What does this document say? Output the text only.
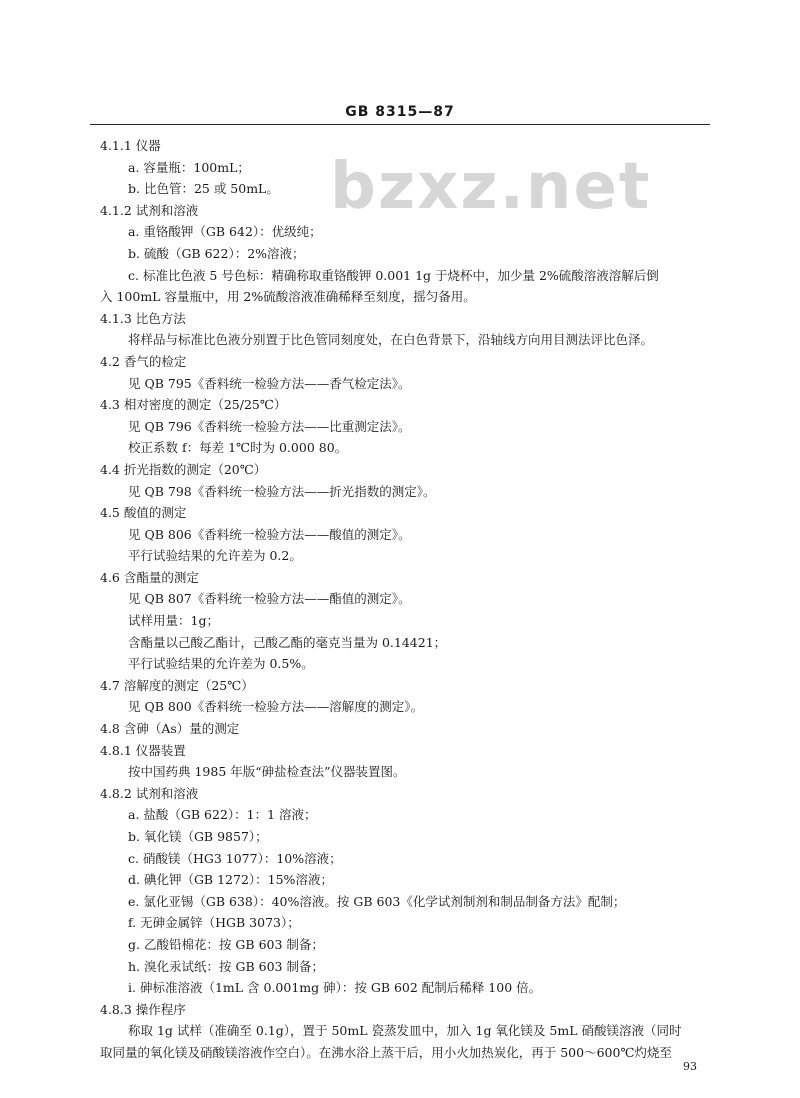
GB 8315—87
bzxz.net
4.1.1 仪器
a. 容量瓶：100mL；
b. 比色管：25 或 50mL。
4.1.2 试剂和溶液
a. 重铬酸钾（GB 642）：优级纯；
b. 硫酸（GB 622）：2%溶液；
c. 标准比色液 5 号色标：精确称取重铬酸钾 0.001 1g 于烧杯中，加少量 2%硫酸溶液溶解后倒
入 100mL 容量瓶中，用 2%硫酸溶液准确稀释至刻度，摇匀备用。
4.1.3 比色方法
将样品与标准比色液分别置于比色管同刻度处，在白色背景下，沿轴线方向用目测法评比色泽。
4.2 香气的检定
见 QB 795《香料统一检验方法——香气检定法》。
4.3 相对密度的测定（25/25℃）
见 QB 796《香料统一检验方法——比重测定法》。
校正系数 f：每差 1℃时为 0.000 80。
4.4 折光指数的测定（20℃）
见 QB 798《香料统一检验方法——折光指数的测定》。
4.5 酸值的测定
见 QB 806《香料统一检验方法——酸值的测定》。
平行试验结果的允许差为 0.2。
4.6 含酯量的测定
见 QB 807《香料统一检验方法——酯值的测定》。
试样用量：1g；
含酯量以己酸乙酯计，己酸乙酯的毫克当量为 0.14421；
平行试验结果的允许差为 0.5%。
4.7 溶解度的测定（25℃）
见 QB 800《香料统一检验方法——溶解度的测定》。
4.8 含砷（As）量的测定
4.8.1 仪器装置
按中国药典 1985 年版“砷盐检查法”仪器装置图。
4.8.2 试剂和溶液
a. 盐酸（GB 622）：1：1 溶液；
b. 氧化镁（GB 9857）；
c. 硝酸镁（HG3 1077）：10%溶液；
d. 碘化钾（GB 1272）：15%溶液；
e. 氯化亚锡（GB 638）：40%溶液。按 GB 603《化学试剂制剂和制品制备方法》配制；
f. 无砷金属锌（HGB 3073）；
g. 乙酸铅棉花：按 GB 603 制备；
h. 溴化汞试纸：按 GB 603 制备；
i. 砷标准溶液（1mL 含 0.001mg 砷）：按 GB 602 配制后稀释 100 倍。
4.8.3 操作程序
称取 1g 试样（准确至 0.1g），置于 50mL 瓷蒸发皿中，加入 1g 氧化镁及 5mL 硝酸镁溶液（同时
取同量的氧化镁及硝酸镁溶液作空白）。在沸水浴上蒸干后，用小火加热炭化，再于 500～600℃灼烧至
93
